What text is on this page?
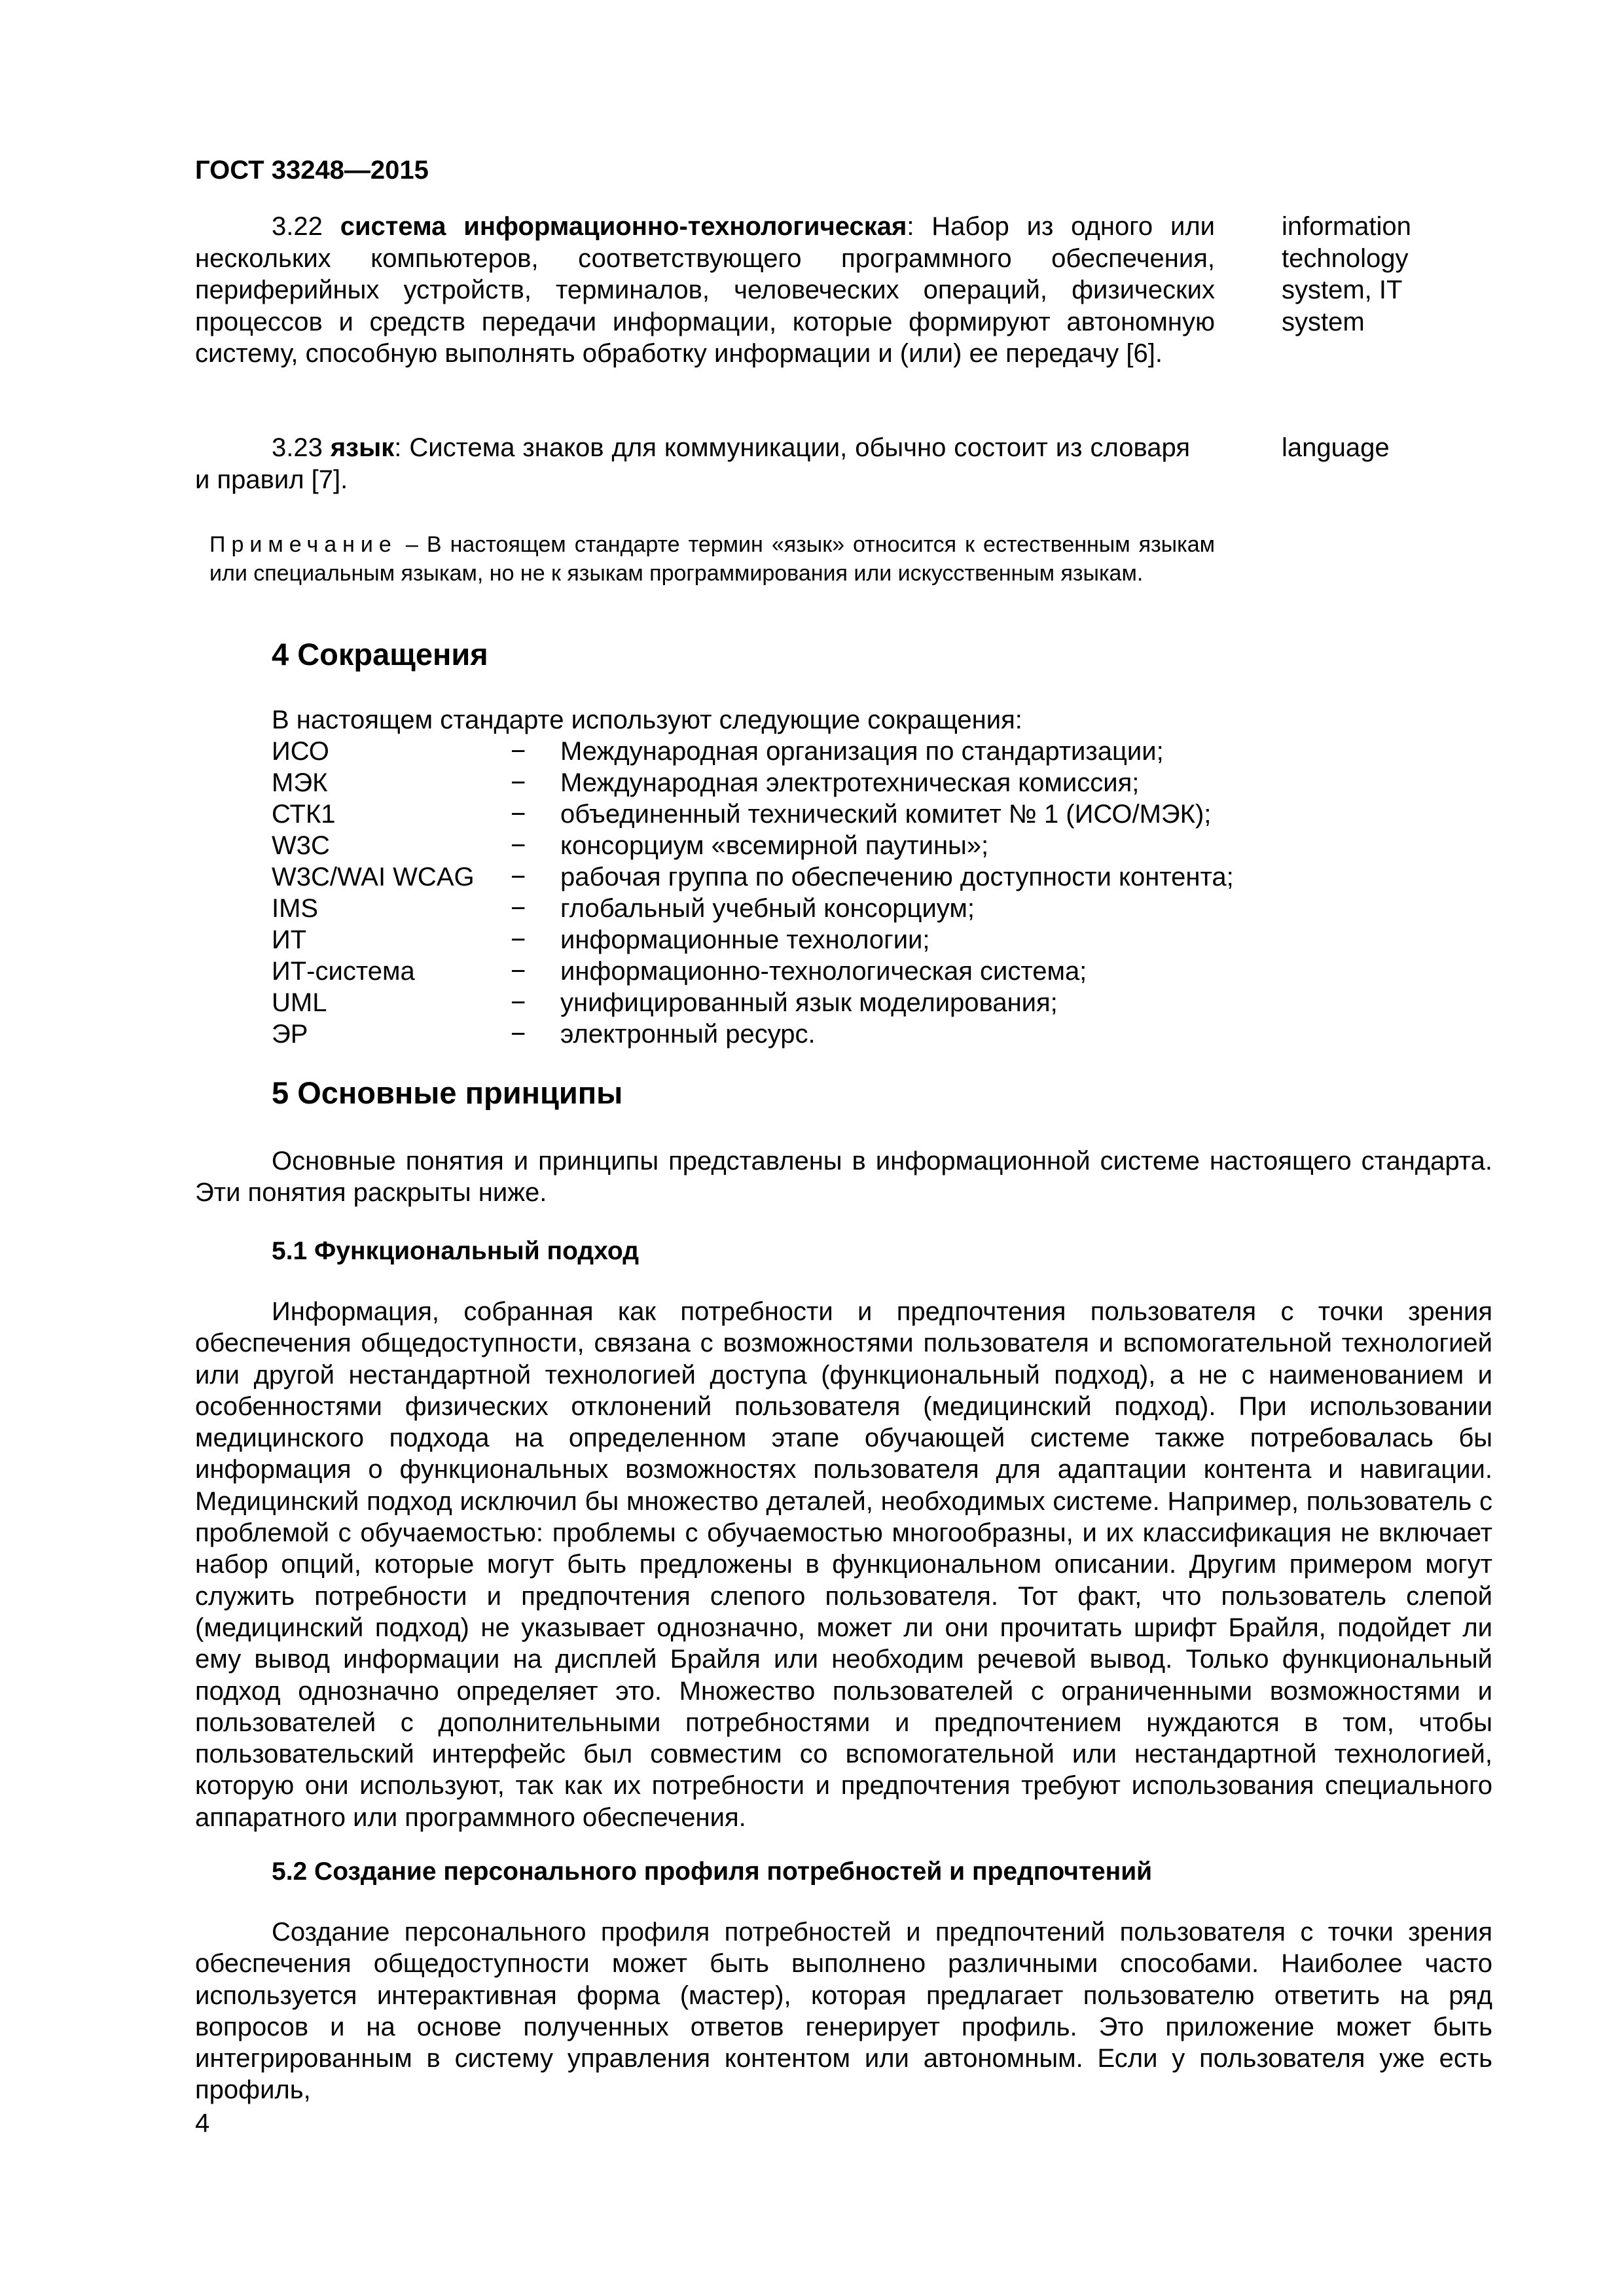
ГОСТ 33248—2015
3.22 система информационно-технологическая: Набор из одного или нескольких компьютеров, соответствующего программного обеспечения, периферийных устройств, терминалов, человеческих операций, физических процессов и средств передачи информации, которые формируют автономную систему, способную выполнять обработку информации и (или) ее передачу [6].
information technology system, IT system
3.23 язык: Система знаков для коммуникации, обычно состоит из словаря и правил [7].
language
Примечание – В настоящем стандарте термин «язык» относится к естественным языкам или специальным языкам, но не к языкам программирования или искусственным языкам.
4 Сокращения
В настоящем стандарте используют следующие сокращения:
ИСО	− Международная организация по стандартизации;
МЭК	− Международная электротехническая комиссия;
СТК1	− объединенный технический комитет № 1 (ИСО/МЭК);
W3C	− консорциум «всемирной паутины»;
W3C/WAI WCAG − рабочая группа по обеспечению доступности контента;
IMS	− глобальный учебный консорциум;
ИТ	− информационные технологии;
ИТ-система	− информационно-технологическая система;
UML	− унифицированный язык моделирования;
ЭР	− электронный ресурс.
5 Основные принципы
Основные понятия и принципы представлены в информационной системе настоящего стандарта. Эти понятия раскрыты ниже.
5.1 Функциональный подход
Информация, собранная как потребности и предпочтения пользователя с точки зрения обеспечения общедоступности, связана с возможностями пользователя и вспомогательной технологией или другой нестандартной технологией доступа (функциональный подход), а не с наименованием и особенностями физических отклонений пользователя (медицинский подход). При использовании медицинского подхода на определенном этапе обучающей системе также потребовалась бы информация о функциональных возможностях пользователя для адаптации контента и навигации. Медицинский подход исключил бы множество деталей, необходимых системе. Например, пользователь с проблемой с обучаемостью: проблемы с обучаемостью многообразны, и их классификация не включает набор опций, которые могут быть предложены в функциональном описании. Другим примером могут служить потребности и предпочтения слепого пользователя. Тот факт, что пользователь слепой (медицинский подход) не указывает однозначно, может ли они прочитать шрифт Брайля, подойдет ли ему вывод информации на дисплей Брайля или необходим речевой вывод. Только функциональный подход однозначно определяет это. Множество пользователей с ограниченными возможностями и пользователей с дополнительными потребностями и предпочтением нуждаются в том, чтобы пользовательский интерфейс был совместим со вспомогательной или нестандартной технологией, которую они используют, так как их потребности и предпочтения требуют использования специального аппаратного или программного обеспечения.
5.2 Создание персонального профиля потребностей и предпочтений
Создание персонального профиля потребностей и предпочтений пользователя с точки зрения обеспечения общедоступности может быть выполнено различными способами. Наиболее часто используется интерактивная форма (мастер), которая предлагает пользователю ответить на ряд вопросов и на основе полученных ответов генерирует профиль. Это приложение может быть интегрированным в систему управления контентом или автономным. Если у пользователя уже есть профиль,
4
